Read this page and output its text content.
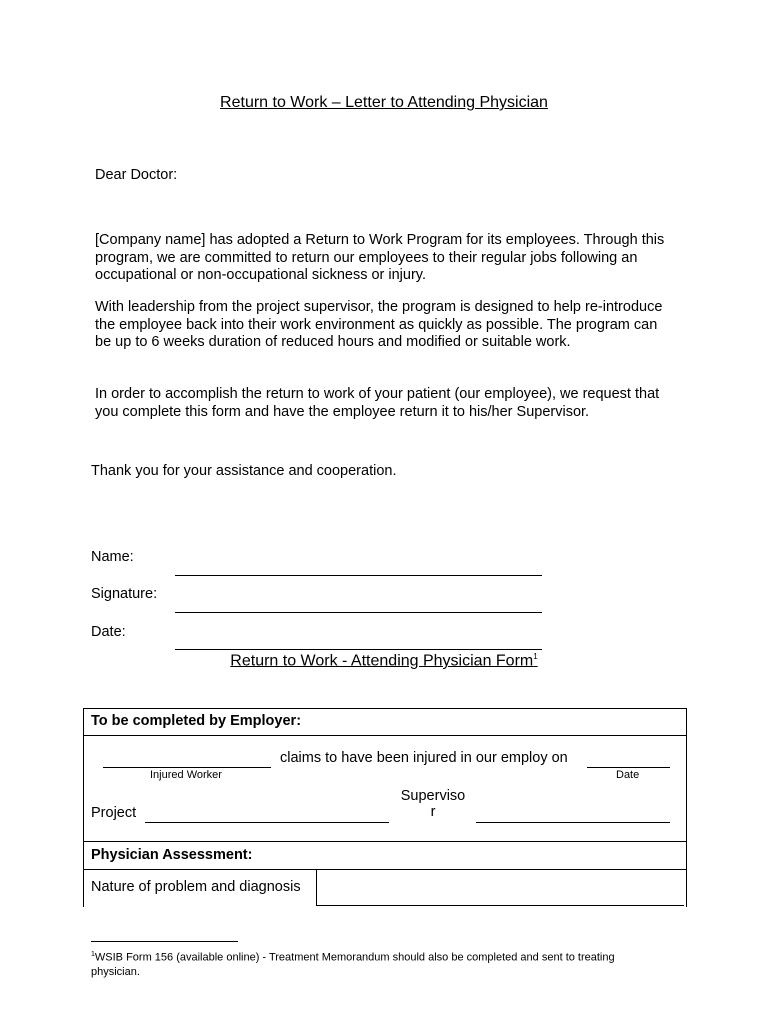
Return to Work – Letter to Attending Physician
Dear Doctor:
[Company name] has adopted a Return to Work Program for its employees. Through this program, we are committed to return our employees to their regular jobs following an occupational or non-occupational sickness or injury.
With leadership from the project supervisor, the program is designed to help re-introduce the employee back into their work environment as quickly as possible. The program can be up to 6 weeks duration of reduced hours and modified or suitable work.
In order to accomplish the return to work of your patient (our employee), we request that you complete this form and have the employee return it to his/her Supervisor.
Thank you for your assistance and cooperation.
Name:
Signature:
Date:
Return to Work - Attending Physician Form$^1$
To be completed by Employer:
claims to have been injured in our employ on
Injured Worker	Date
Project
Superviso
r
Physician Assessment:
Nature of problem and diagnosis
$^1$WSIB Form 156 (available online) - Treatment Memorandum should also be completed and sent to treating physician.
